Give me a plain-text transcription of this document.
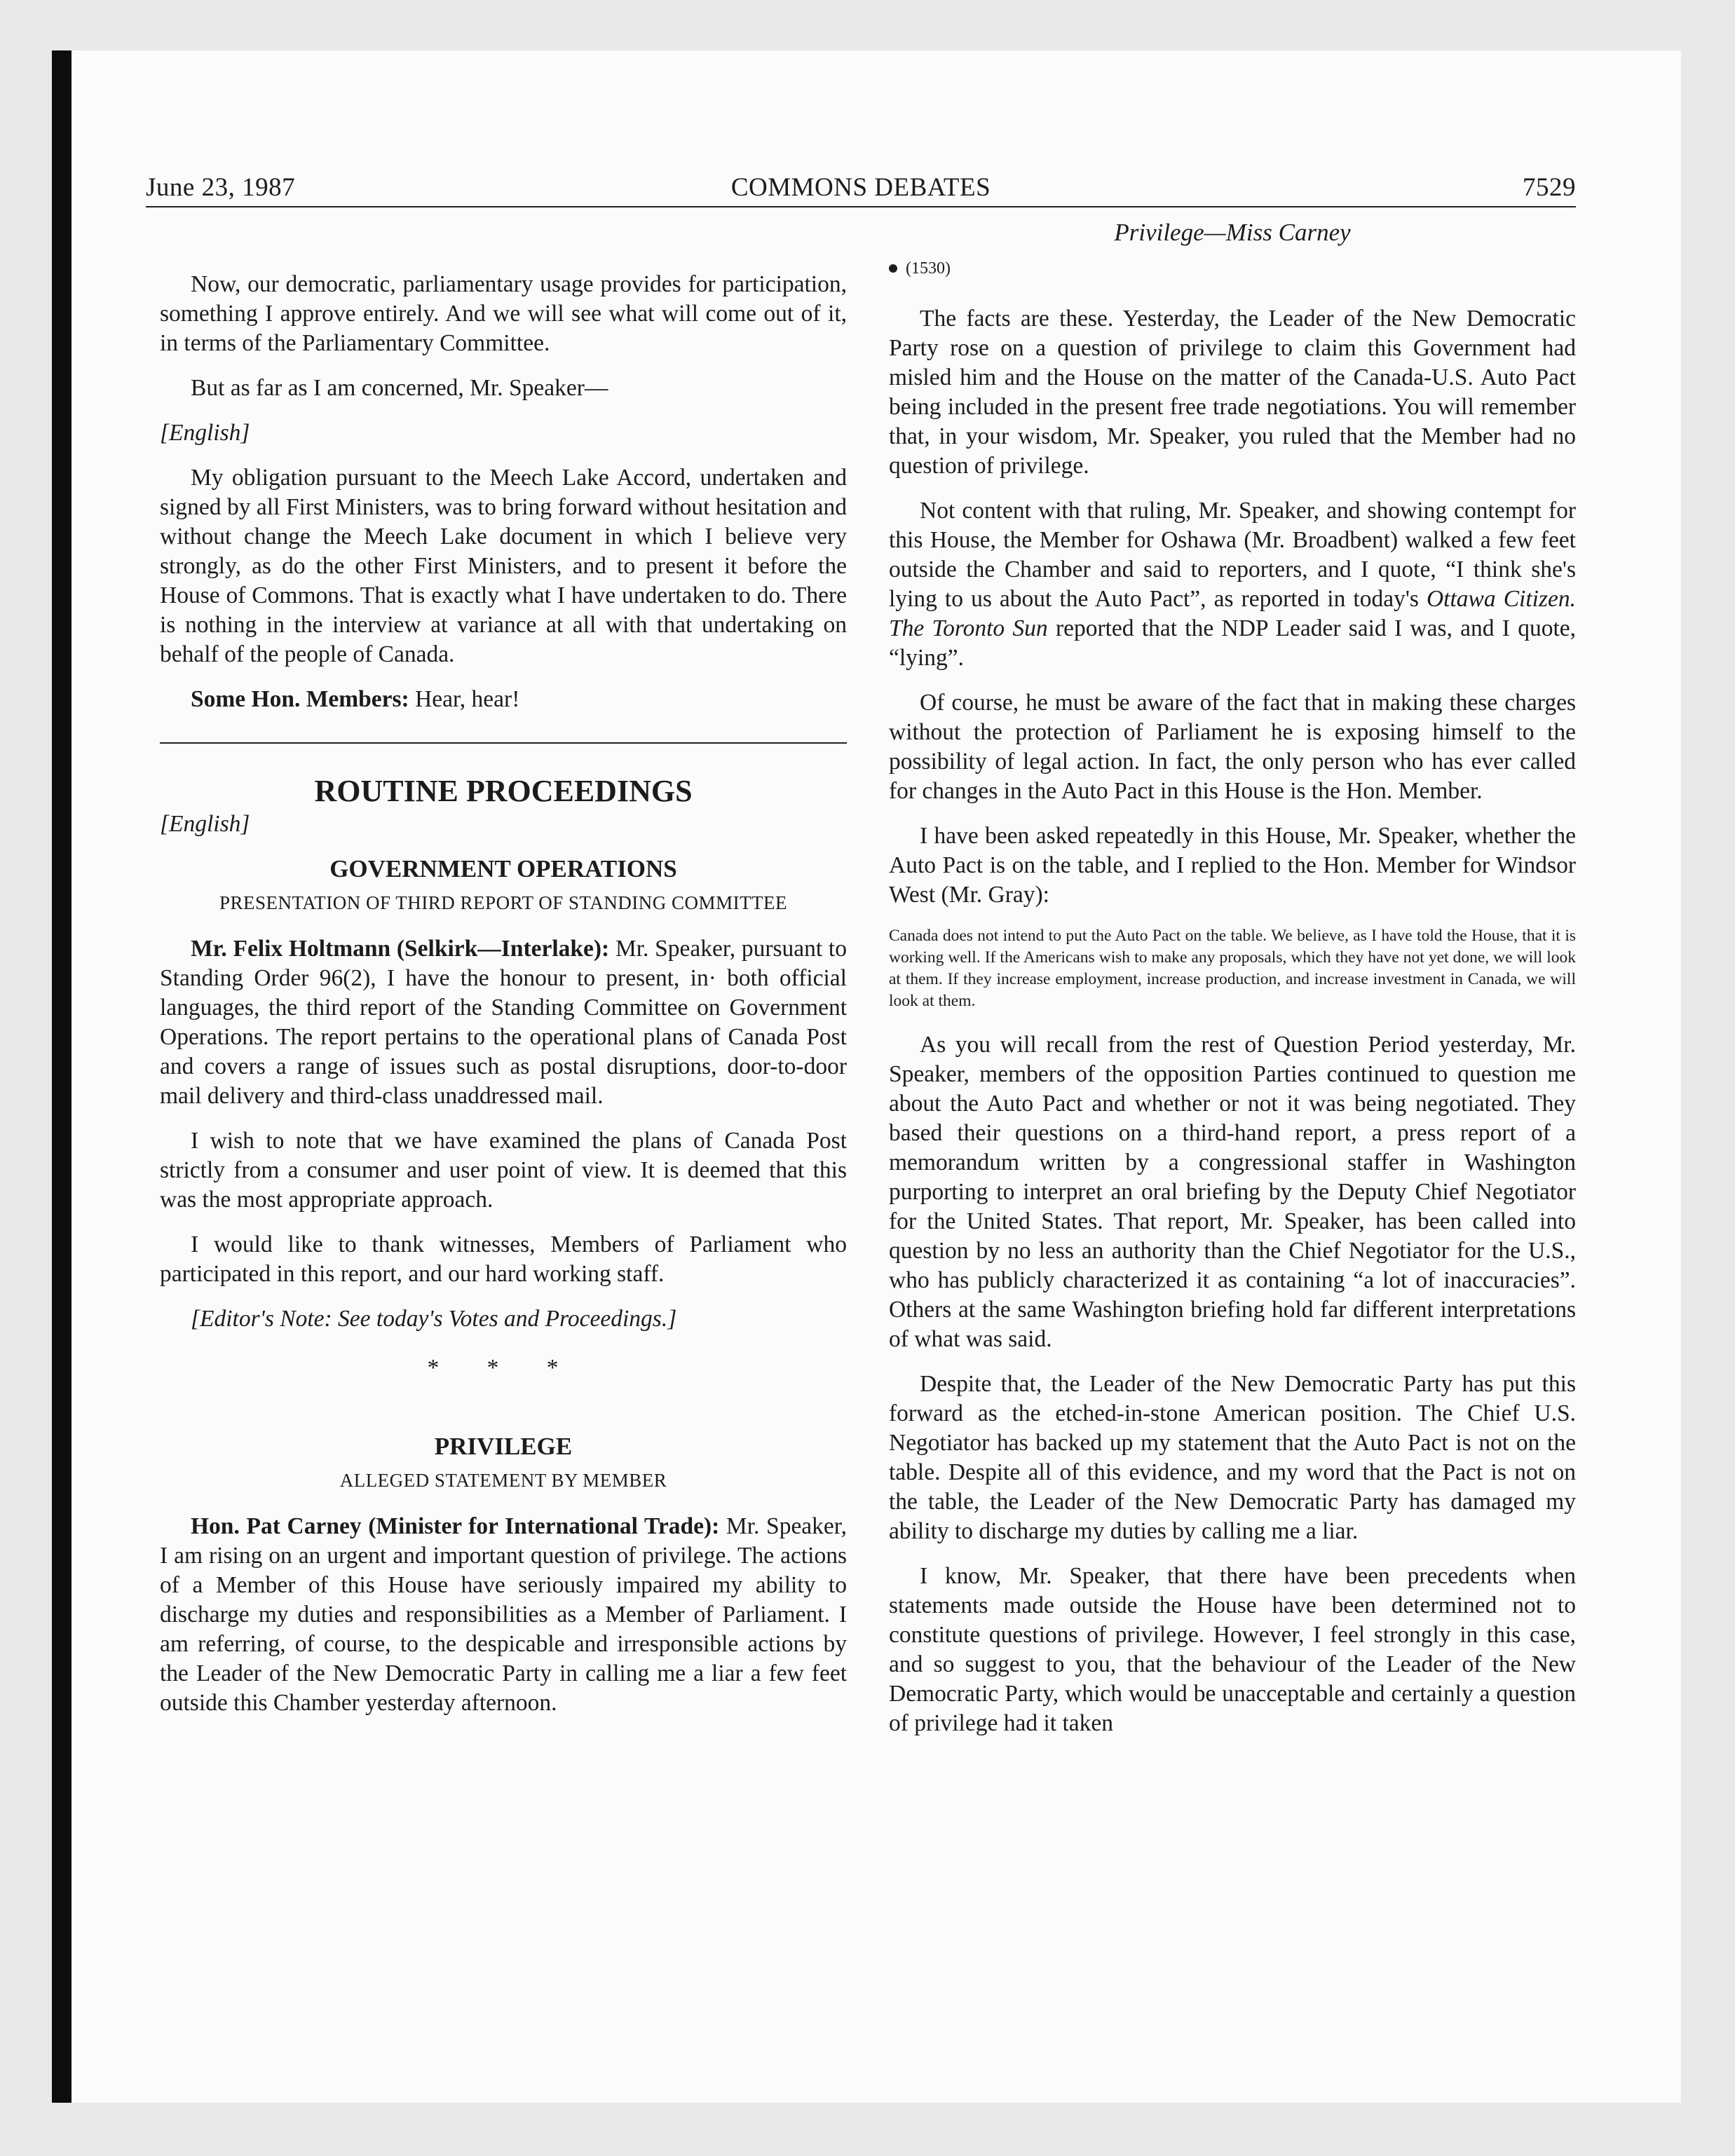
June 23, 1987	COMMONS DEBATES	7529
Privilege—Miss Carney

Now, our democratic, parliamentary usage provides for participation, something I approve entirely. And we will see what will come out of it, in terms of the Parliamentary Committee.

But as far as I am concerned, Mr. Speaker—

[English]

My obligation pursuant to the Meech Lake Accord, undertaken and signed by all First Ministers, was to bring forward without hesitation and without change the Meech Lake document in which I believe very strongly, as do the other First Ministers, and to present it before the House of Commons. That is exactly what I have undertaken to do. There is nothing in the interview at variance at all with that undertaking on behalf of the people of Canada.

Some Hon. Members: Hear, hear!

ROUTINE PROCEEDINGS
[English]
GOVERNMENT OPERATIONS
PRESENTATION OF THIRD REPORT OF STANDING COMMITTEE

Mr. Felix Holtmann (Selkirk—Interlake): Mr. Speaker, pursuant to Standing Order 96(2), I have the honour to present, in· both official languages, the third report of the Standing Committee on Government Operations. The report pertains to the operational plans of Canada Post and covers a range of issues such as postal disruptions, door-to-door mail delivery and third-class unaddressed mail.

I wish to note that we have examined the plans of Canada Post strictly from a consumer and user point of view. It is deemed that this was the most appropriate approach.

I would like to thank witnesses, Members of Parliament who participated in this report, and our hard working staff.

[Editor's Note: See today's Votes and Proceedings.]

* * *
PRIVILEGE
ALLEGED STATEMENT BY MEMBER

Hon. Pat Carney (Minister for International Trade): Mr. Speaker, I am rising on an urgent and important question of privilege. The actions of a Member of this House have seriously impaired my ability to discharge my duties and responsibilities as a Member of Parliament. I am referring, of course, to the despicable and irresponsible actions by the Leader of the New Democratic Party in calling me a liar a few feet outside this Chamber yesterday afternoon.

(1530)

The facts are these. Yesterday, the Leader of the New Democratic Party rose on a question of privilege to claim this Government had misled him and the House on the matter of the Canada-U.S. Auto Pact being included in the present free trade negotiations. You will remember that, in your wisdom, Mr. Speaker, you ruled that the Member had no question of privilege.

Not content with that ruling, Mr. Speaker, and showing contempt for this House, the Member for Oshawa (Mr. Broadbent) walked a few feet outside the Chamber and said to reporters, and I quote, “I think she's lying to us about the Auto Pact”, as reported in today's Ottawa Citizen. The Toronto Sun reported that the NDP Leader said I was, and I quote, “lying”.

Of course, he must be aware of the fact that in making these charges without the protection of Parliament he is exposing himself to the possibility of legal action. In fact, the only person who has ever called for changes in the Auto Pact in this House is the Hon. Member.

I have been asked repeatedly in this House, Mr. Speaker, whether the Auto Pact is on the table, and I replied to the Hon. Member for Windsor West (Mr. Gray):

Canada does not intend to put the Auto Pact on the table. We believe, as I have told the House, that it is working well. If the Americans wish to make any proposals, which they have not yet done, we will look at them. If they increase employment, increase production, and increase investment in Canada, we will look at them.

As you will recall from the rest of Question Period yesterday, Mr. Speaker, members of the opposition Parties continued to question me about the Auto Pact and whether or not it was being negotiated. They based their questions on a third-hand report, a press report of a memorandum written by a congressional staffer in Washington purporting to interpret an oral briefing by the Deputy Chief Negotiator for the United States. That report, Mr. Speaker, has been called into question by no less an authority than the Chief Negotiator for the U.S., who has publicly characterized it as containing “a lot of inaccuracies”. Others at the same Washington briefing hold far different interpretations of what was said.

Despite that, the Leader of the New Democratic Party has put this forward as the etched-in-stone American position. The Chief U.S. Negotiator has backed up my statement that the Auto Pact is not on the table. Despite all of this evidence, and my word that the Pact is not on the table, the Leader of the New Democratic Party has damaged my ability to discharge my duties by calling me a liar.

I know, Mr. Speaker, that there have been precedents when statements made outside the House have been determined not to constitute questions of privilege. However, I feel strongly in this case, and so suggest to you, that the behaviour of the Leader of the New Democratic Party, which would be unacceptable and certainly a question of privilege had it taken
